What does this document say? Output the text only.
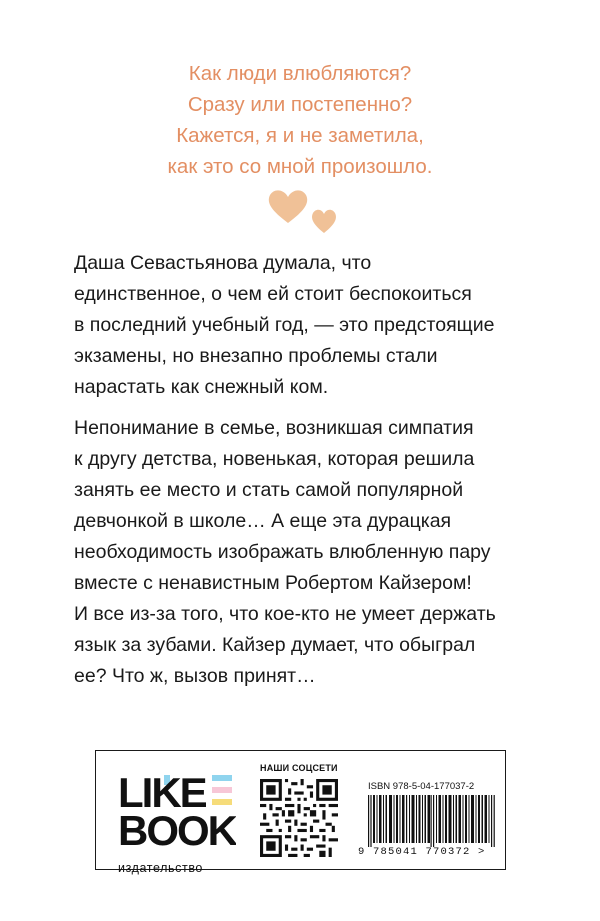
Как люди влюбляются?
Сразу или постепенно?
Кажется, я и не заметила,
как это со мной произошло.
Даша Севастьянова думала, что
единственное, о чем ей стоит беспокоиться
в последний учебный год, — это предстоящие
экзамены, но внезапно проблемы стали
нарастать как снежный ком.
Непонимание в семье, возникшая симпатия
к другу детства, новенькая, которая решила
занять ее место и стать самой популярной
девчонкой в школе… А еще эта дурацкая
необходимость изображать влюбленную пару
вместе с ненавистным Робертом Кайзером!
И все из-за того, что кое-кто не умеет держать
язык за зубами. Кайзер думает, что обыграл
ее? Что ж, вызов принят…
LIKE
BOOK
издательство
НАШИ СОЦСЕТИ
ISBN 978-5-04-177037-2
9 785041 770372 >
